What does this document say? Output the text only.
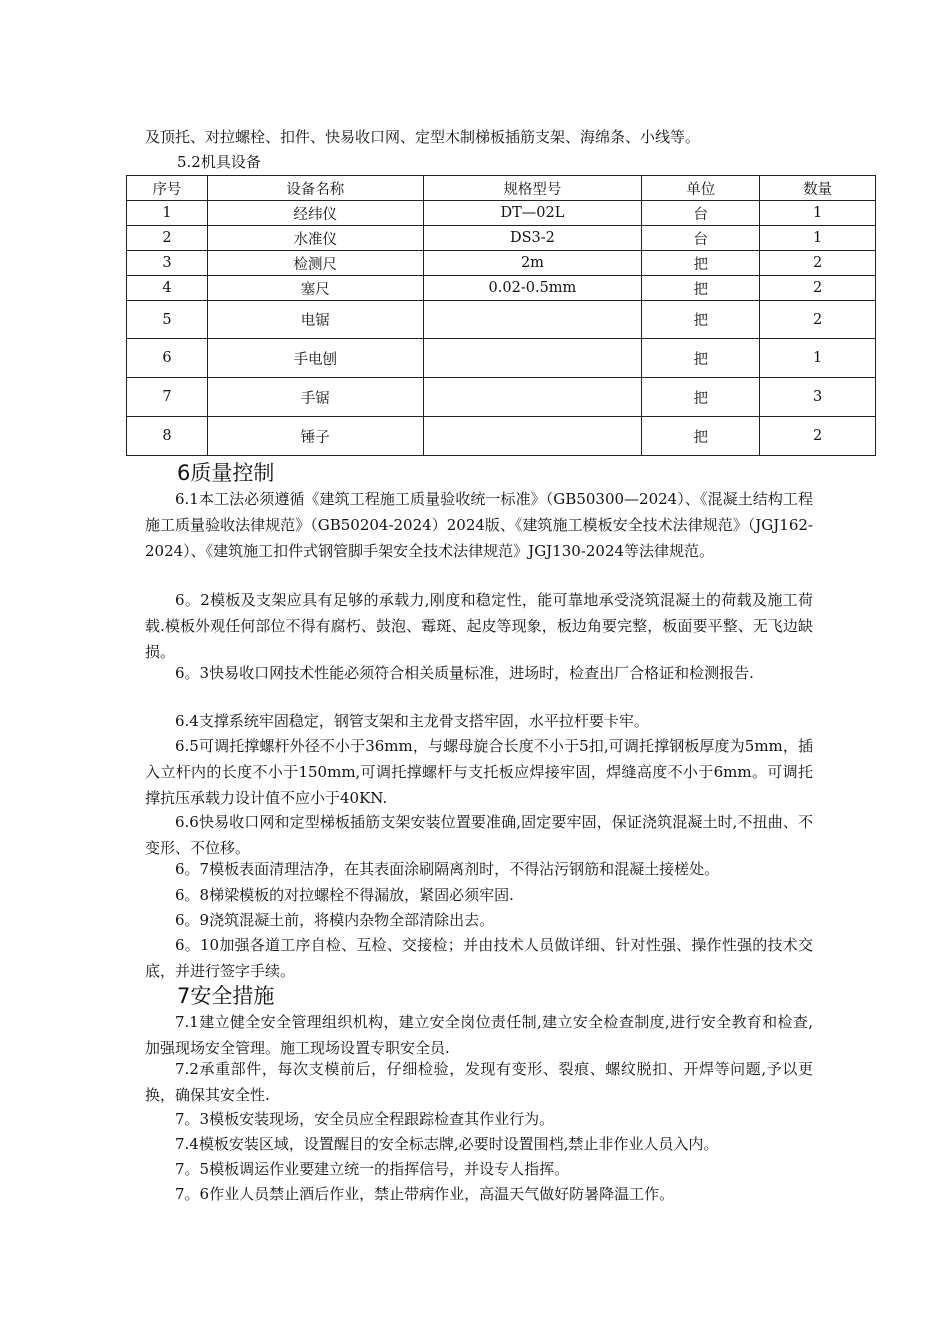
及顶托、对拉螺栓、扣件、快易收口网、定型木制梯板插筋支架、海绵条、小线等。
5.2机具设备
序号	设备名称	规格型号	单位	数量
1	经纬仪	DT—02L	台	1
2	水准仪	DS3-2	台	1
3	检测尺	2m	把	2
4	塞尺	0.02-0.5mm	把	2
5	电锯		把	2
6	手电刨		把	1
7	手锯		把	3
8	锤子		把	2
6质量控制
6.1本工法必须遵循《建筑工程施工质量验收统一标准》（GB50300—2024）、《混凝土结构工程施工质量验收法律规范》（GB50204-2024）2024版、《建筑施工模板安全技术法律规范》（JGJ162-2024）、《建筑施工扣件式钢管脚手架安全技术法律规范》JGJ130-2024等法律规范。
6。2模板及支架应具有足够的承载力,刚度和稳定性，能可靠地承受浇筑混凝土的荷载及施工荷载.模板外观任何部位不得有腐朽、鼓泡、霉斑、起皮等现象，板边角要完整，板面要平整、无飞边缺损。
6。3快易收口网技术性能必须符合相关质量标准，进场时，检查出厂合格证和检测报告.
6.4支撑系统牢固稳定，钢管支架和主龙骨支搭牢固，水平拉杆要卡牢。
6.5可调托撑螺杆外径不小于36mm，与螺母旋合长度不小于5扣,可调托撑钢板厚度为5mm，插入立杆内的长度不小于150mm,可调托撑螺杆与支托板应焊接牢固，焊缝高度不小于6mm。可调托撑抗压承载力设计值不应小于40KN.
6.6快易收口网和定型梯板插筋支架安装位置要准确,固定要牢固，保证浇筑混凝土时,不扭曲、不变形、不位移。
6。7模板表面清理洁净，在其表面涂刷隔离剂时，不得沾污钢筋和混凝土接槎处。
6。8梯梁模板的对拉螺栓不得漏放，紧固必须牢固.
6。9浇筑混凝土前，将模内杂物全部清除出去。
6。10加强各道工序自检、互检、交接检；并由技术人员做详细、针对性强、操作性强的技术交底，并进行签字手续。
7安全措施
7.1建立健全安全管理组织机构，建立安全岗位责任制,建立安全检查制度,进行安全教育和检查,加强现场安全管理。施工现场设置专职安全员.
7.2承重部件，每次支模前后，仔细检验，发现有变形、裂痕、螺纹脱扣、开焊等问题,予以更换，确保其安全性.
7。3模板安装现场，安全员应全程跟踪检查其作业行为。
7.4模板安装区域，设置醒目的安全标志牌,必要时设置围档,禁止非作业人员入内。
7。5模板调运作业要建立统一的指挥信号，并设专人指挥。
7。6作业人员禁止酒后作业，禁止带病作业，高温天气做好防暑降温工作。
